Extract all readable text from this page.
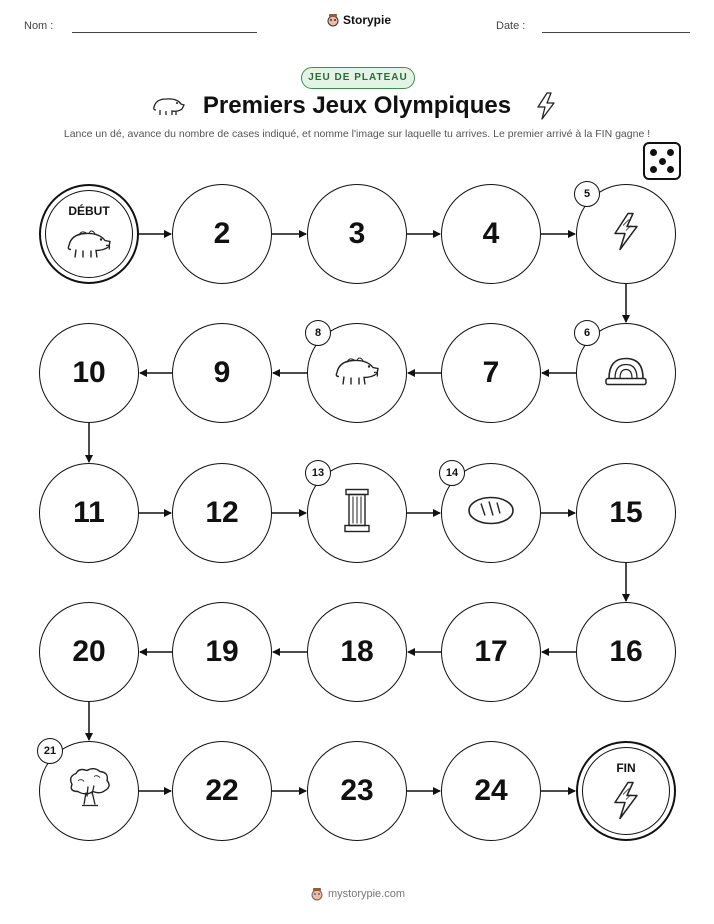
Nom :	Storypie	Date :
JEU DE PLATEAU
Premiers Jeux Olympiques
Lance un dé, avance du nombre de cases indiqué, et nomme l'image sur laquelle tu arrives. Le premier arrivé à la FIN gagne !
DÉBUT
2	3	4
5
6
7
8
9
10
11	12
13	14
15
16
17
18
19
20
21
22	23	24
FIN
mystorypie.com
